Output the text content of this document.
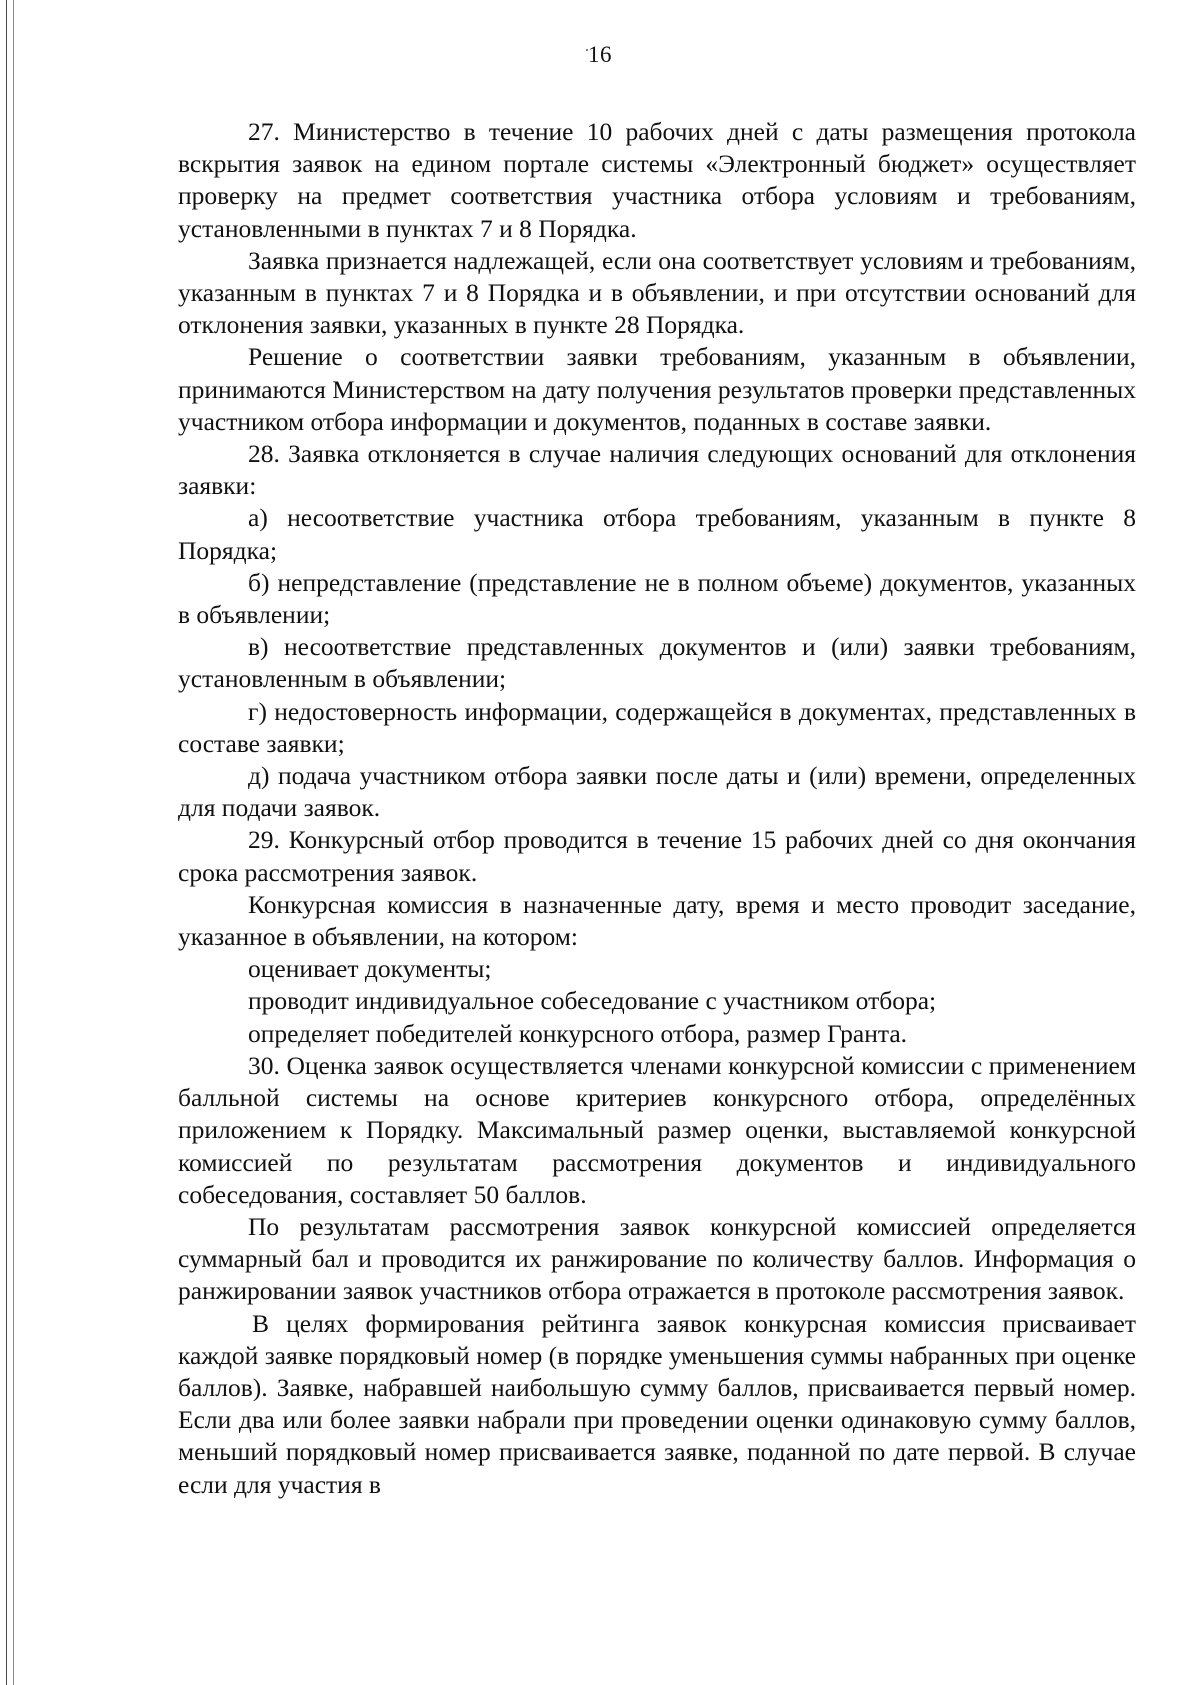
16

27. Министерство в течение 10 рабочих дней с даты размещения протокола вскрытия заявок на едином портале системы «Электронный бюджет» осуществляет проверку на предмет соответствия участника отбора условиям и требованиям, установленными в пунктах 7 и 8 Порядка.

Заявка признается надлежащей, если она соответствует условиям и требованиям, указанным в пунктах 7 и 8 Порядка и в объявлении, и при отсутствии оснований для отклонения заявки, указанных в пункте 28 Порядка.

Решение о соответствии заявки требованиям, указанным в объявлении, принимаются Министерством на дату получения результатов проверки представленных участником отбора информации и документов, поданных в составе заявки.

28. Заявка отклоняется в случае наличия следующих оснований для отклонения заявки:

а) несоответствие участника отбора требованиям, указанным в пункте 8 Порядка;

б) непредставление (представление не в полном объеме) документов, указанных в объявлении;

в) несоответствие представленных документов и (или) заявки требованиям, установленным в объявлении;

г) недостоверность информации, содержащейся в документах, представленных в составе заявки;

д) подача участником отбора заявки после даты и (или) времени, определенных для подачи заявок.

29. Конкурсный отбор проводится в течение 15 рабочих дней со дня окончания срока рассмотрения заявок.

Конкурсная комиссия в назначенные дату, время и место проводит заседание, указанное в объявлении, на котором:

оценивает документы;

проводит индивидуальное собеседование с участником отбора;

определяет победителей конкурсного отбора, размер Гранта.

30. Оценка заявок осуществляется членами конкурсной комиссии с применением балльной системы на основе критериев конкурсного отбора, определённых приложением к Порядку. Максимальный размер оценки, выставляемой конкурсной комиссией по результатам рассмотрения документов и индивидуального собеседования, составляет 50 баллов.

По результатам рассмотрения заявок конкурсной комиссией определяется суммарный бал и проводится их ранжирование по количеству баллов. Информация о ранжировании заявок участников отбора отражается в протоколе рассмотрения заявок.

В целях формирования рейтинга заявок конкурсная комиссия присваивает каждой заявке порядковый номер (в порядке уменьшения суммы набранных при оценке баллов). Заявке, набравшей наибольшую сумму баллов, присваивается первый номер. Если два или более заявки набрали при проведении оценки одинаковую сумму баллов, меньший порядковый номер присваивается заявке, поданной по дате первой. В случае если для участия в
